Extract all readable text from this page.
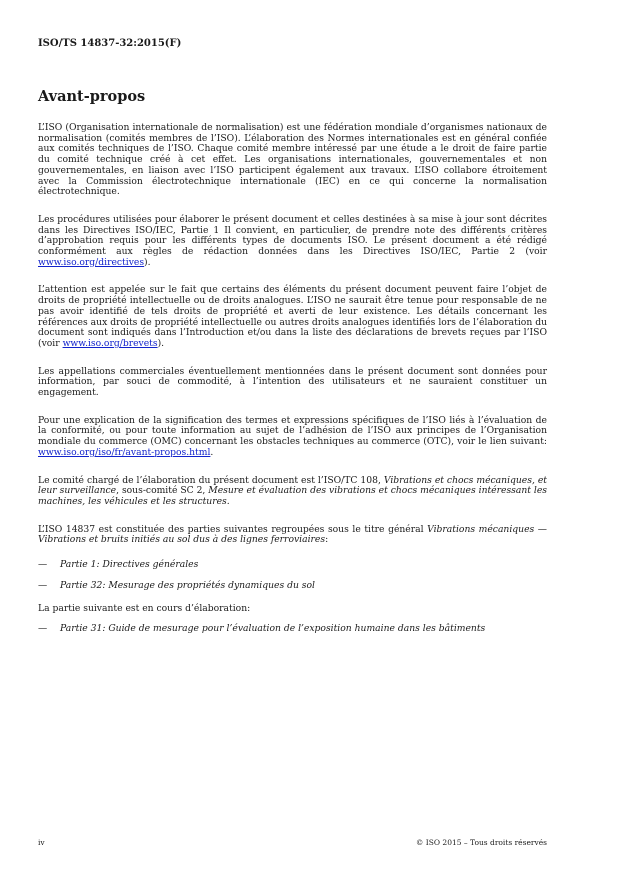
ISO/TS 14837-32:2015(F)
Avant-propos

L’ISO (Organisation internationale de normalisation) est une fédération mondiale d’organismes nationaux de normalisation (comités membres de l’ISO). L’élaboration des Normes internationales est en général confiée aux comités techniques de l’ISO. Chaque comité membre intéressé par une étude a le droit de faire partie du comité technique créé à cet effet. Les organisations internationales, gouvernementales et non gouvernementales, en liaison avec l’ISO participent également aux travaux. L’ISO collabore étroitement avec la Commission électrotechnique internationale (IEC) en ce qui concerne la normalisation électrotechnique.

Les procédures utilisées pour élaborer le présent document et celles destinées à sa mise à jour sont décrites dans les Directives ISO/IEC, Partie 1 Il convient, en particulier, de prendre note des différents critères d’approbation requis pour les différents types de documents ISO. Le présent document a été rédigé conformément aux règles de rédaction données dans les Directives ISO/IEC, Partie 2 (voir www.iso.org/directives).

L’attention est appelée sur le fait que certains des éléments du présent document peuvent faire l’objet de droits de propriété intellectuelle ou de droits analogues. L’ISO ne saurait être tenue pour responsable de ne pas avoir identifié de tels droits de propriété et averti de leur existence. Les détails concernant les références aux droits de propriété intellectuelle ou autres droits analogues identifiés lors de l’élaboration du document sont indiqués dans l’Introduction et/ou dans la liste des déclarations de brevets reçues par l’ISO (voir www.iso.org/brevets).

Les appellations commerciales éventuellement mentionnées dans le présent document sont données pour information, par souci de commodité, à l’intention des utilisateurs et ne sauraient constituer un engagement.

Pour une explication de la signification des termes et expressions spécifiques de l’ISO liés à l’évaluation de la conformité, ou pour toute information au sujet de l’adhésion de l’ISO aux principes de l’Organisation mondiale du commerce (OMC) concernant les obstacles techniques au commerce (OTC), voir le lien suivant: www.iso.org/iso/fr/avant-propos.html.

Le comité chargé de l’élaboration du présent document est l’ISO/TC 108, Vibrations et chocs mécaniques, et leur surveillance, sous-comité SC 2, Mesure et évaluation des vibrations et chocs mécaniques intéressant les machines, les véhicules et les structures.

L’ISO 14837 est constituée des parties suivantes regroupées sous le titre général Vibrations mécaniques — Vibrations et bruits initiés au sol dus à des lignes ferroviaires:

—	Partie 1: Directives générales
—	Partie 32: Mesurage des propriétés dynamiques du sol

La partie suivante est en cours d’élaboration:

—	Partie 31: Guide de mesurage pour l’évaluation de l’exposition humaine dans les bâtiments
iv	© ISO 2015 – Tous droits réservés
